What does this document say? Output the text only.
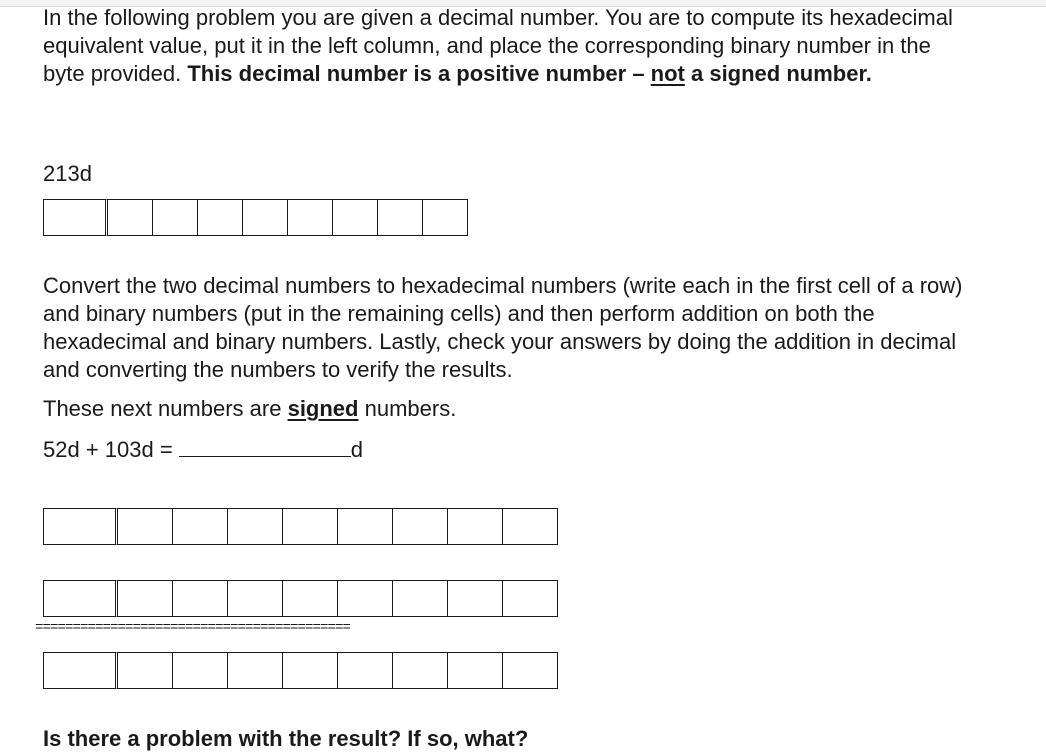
In the following problem you are given a decimal number. You are to compute its hexadecimal equivalent value, put it in the left column, and place the corresponding binary number in the byte provided. This decimal number is a positive number – not a signed number.

213d

Convert the two decimal numbers to hexadecimal numbers (write each in the first cell of a row) and binary numbers (put in the remaining cells) and then perform addition on both the hexadecimal and binary numbers. Lastly, check your answers by doing the addition in decimal and converting the numbers to verify the results.

These next numbers are signed numbers.

52d + 103d =	d

==========================================

Is there a problem with the result? If so, what?
